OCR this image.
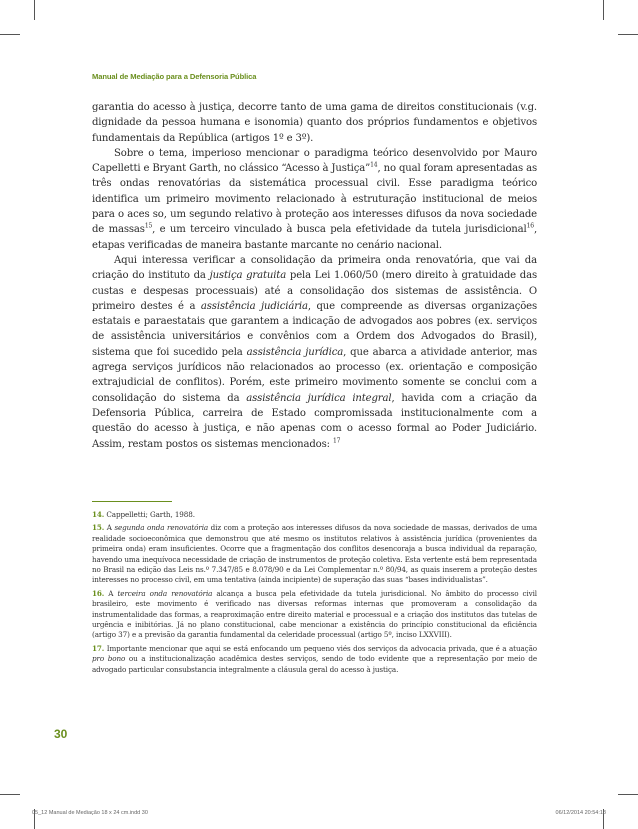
Manual de Mediação para a Defensoria Pública

garantia do acesso à justiça, decorre tanto de uma gama de direitos constitucionais (v.g. dignidade da pessoa humana e isonomia) quanto dos próprios fundamentos e objetivos fundamentais da República (artigos 1º e 3º).

Sobre o tema, imperioso mencionar o paradigma teórico desenvolvido por Mauro Capelletti e Bryant Garth, no clássico “Acesso à Justiça”$^{14}$, no qual foram apresentadas as três ondas renovatórias da sistemática processual civil. Esse paradigma teórico identifica um primeiro movimento relacionado à estruturação institucional de meios para o aces so, um segundo relativo à proteção aos interesses difusos da nova sociedade de massas$^{15}$, e um terceiro vinculado à busca pela efetividade da tutela jurisdicional$^{16}$, etapas verificadas de maneira bastante marcante no cenário nacional.

Aqui interessa verificar a consolidação da primeira onda renovatória, que vai da criação do instituto da justiça gratuita pela Lei 1.060/50 (mero direito à gratuidade das custas e despesas processuais) até a consolidação dos sistemas de assistência. O primeiro destes é a assistência judiciária, que compreende as diversas organizações estatais e paraestatais que garantem a indicação de advogados aos pobres (ex. serviços de assistência universitários e convênios com a Ordem dos Advogados do Brasil), sistema que foi sucedido pela assistência jurídica, que abarca a atividade anterior, mas agrega serviços jurídicos não relacionados ao processo (ex. orientação e composição extrajudicial de conflitos). Porém, este primeiro movimento somente se conclui com a consolidação do sistema da assistência jurídica integral, havida com a criação da Defensoria Pública, carreira de Estado compromissada institucionalmente com a questão do acesso à justiça, e não apenas com o acesso formal ao Poder Judiciário. Assim, restam postos os sistemas mencionados: $^{17}$

14. Cappelletti; Garth, 1988.

15. A segunda onda renovatória diz com a proteção aos interesses difusos da nova sociedade de massas, derivados de uma realidade socioeconômica que demonstrou que até mesmo os institutos relativos à assistência jurídica (provenientes da primeira onda) eram insuficientes. Ocorre que a fragmentação dos conflitos desencoraja a busca individual da reparação, havendo uma inequívoca necessidade de criação de instrumentos de proteção coletiva. Esta vertente está bem representada no Brasil na edição das Leis ns.º 7.347/85 e 8.078/90 e da Lei Complementar n.º 80/94, as quais inserem a proteção destes interesses no processo civil, em uma tentativa (ainda incipiente) de superação das suas “bases individualistas”.

16. A terceira onda renovatória alcança a busca pela efetividade da tutela jurisdicional. No âmbito do processo civil brasileiro, este movimento é verificado nas diversas reformas internas que promoveram a consolidação da instrumentalidade das formas, a reaproximação entre direito material e processual e a criação dos institutos das tutelas de urgência e inibitórias. Já no plano constitucional, cabe mencionar a existência do princípio constitucional da eficiência (artigo 37) e a previsão da garantia fundamental da celeridade processual (artigo 5º, inciso LXXVIII).

17. Importante mencionar que aqui se está enfocando um pequeno viés dos serviços da advocacia privada, que é a atuação pro bono ou a institucionalização acadêmica destes serviços, sendo de todo evidente que a representação por meio de advogado particular consubstancia integralmente a cláusula geral do acesso à justiça.

30
05_12 Manual de Mediação 18 x 24 cm.indd 30	06/12/2014 20:54:18
